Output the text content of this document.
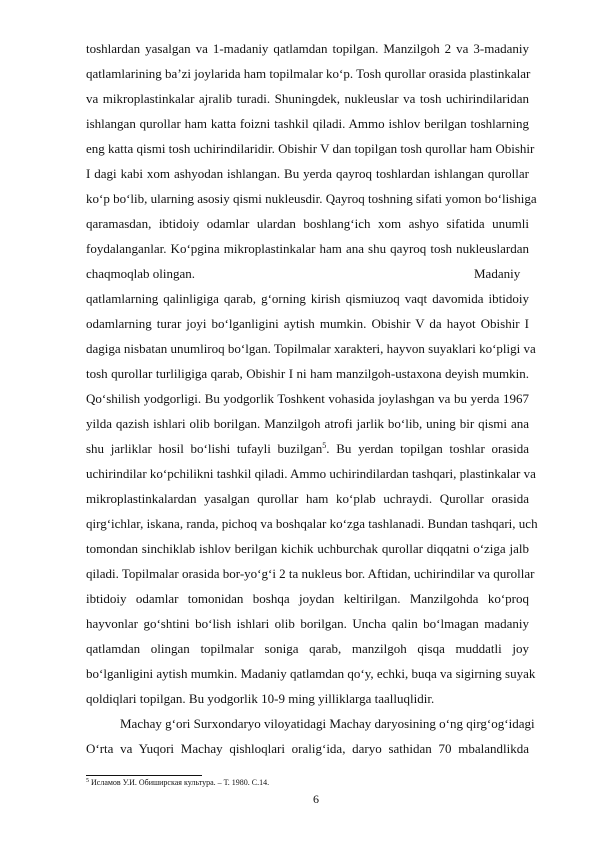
toshlardan yasalgan va 1-madaniy qatlamdan topilgan. Manzilgoh 2 va 3-madaniy
qatlamlarining ba’zi joylarida ham topilmalar ko‘p. Tosh qurollar orasida plastinkalar
va mikroplastinkalar ajralib turadi. Shuningdek, nukleuslar va tosh uchirindilaridan
ishlangan qurollar ham katta foizni tashkil qiladi. Ammo ishlov berilgan toshlarning
eng katta qismi tosh uchirindilaridir. Obishir V dan topilgan tosh qurollar ham Obishir
I dagi kabi xom ashyodan ishlangan. Bu yerda qayroq toshlardan ishlangan qurollar
ko‘p bo‘lib, ularning asosiy qismi nukleusdir. Qayroq toshning sifati yomon bo‘lishiga
qaramasdan, ibtidoiy odamlar ulardan boshlang‘ich xom ashyo sifatida unumli
foydalanganlar. Ko‘pgina mikroplastinkalar ham ana shu qayroq tosh nukleuslardan
chaqmoqlab olingan.	Madaniy
qatlamlarning qalinligiga qarab, g‘orning kirish qismiuzoq vaqt davomida ibtidoiy
odamlarning turar joyi bo‘lganligini aytish mumkin. Obishir V da hayot Obishir I
dagiga nisbatan unumliroq bo‘lgan. Topilmalar xarakteri, hayvon suyaklari ko‘pligi va
tosh qurollar turliligiga qarab, Obishir I ni ham manzilgoh-ustaxona deyish mumkin.
Qo‘shilish yodgorligi. Bu yodgorlik Toshkent vohasida joylashgan va bu yerda 1967
yilda qazish ishlari olib borilgan. Manzilgoh atrofi jarlik bo‘lib, uning bir qismi ana
shu jarliklar hosil bo‘lishi tufayli buzilgan$^5$. Bu yerdan topilgan toshlar orasida
uchirindilar ko‘pchilikni tashkil qiladi. Ammo uchirindilardan tashqari, plastinkalar va
mikroplastinkalardan yasalgan qurollar ham ko‘plab uchraydi. Qurollar orasida
qirg‘ichlar, iskana, randa, pichoq va boshqalar ko‘zga tashlanadi. Bundan tashqari, uch
tomondan sinchiklab ishlov berilgan kichik uchburchak qurollar diqqatni o‘ziga jalb
qiladi. Topilmalar orasida bor-yo‘g‘i 2 ta nukleus bor. Aftidan, uchirindilar va qurollar
ibtidoiy odamlar tomonidan boshqa joydan keltirilgan. Manzilgohda ko‘proq
hayvonlar go‘shtini bo‘lish ishlari olib borilgan. Uncha qalin bo‘lmagan madaniy
qatlamdan olingan topilmalar soniga qarab, manzilgoh qisqa muddatli joy
bo‘lganligini aytish mumkin. Madaniy qatlamdan qo‘y, echki, buqa va sigirning suyak
qoldiqlari topilgan. Bu yodgorlik 10-9 ming yilliklarga taalluqlidir.
Machay g‘ori Surxondaryo viloyatidagi Machay daryosining o‘ng qirg‘og‘idagi
O‘rta va Yuqori Machay qishloqlari oralig‘ida, daryo sathidan 70 mbalandlikda
$^5$ Исламов У.И. Обиширская культура. – Т. 1980. С.14.
6
